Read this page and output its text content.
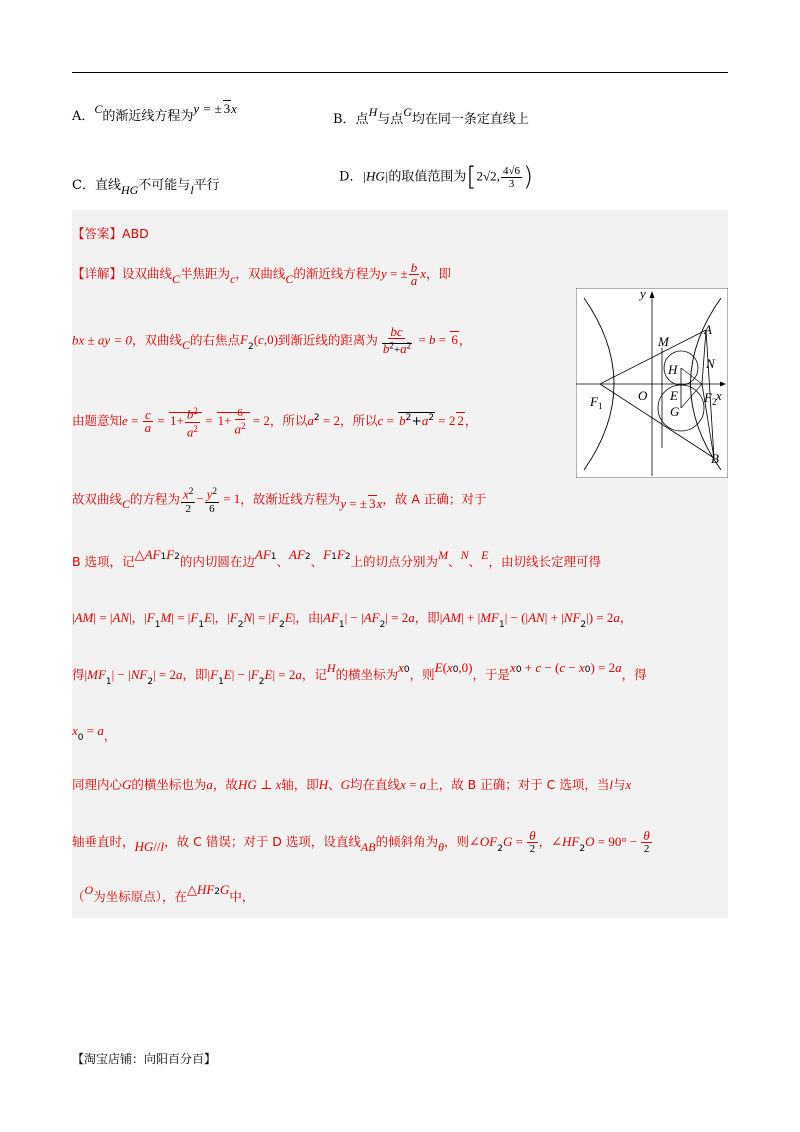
A．C的渐近线方程为y = ± 3x
B．点H与点G均在同一条定直线上
C．直线HG不可能与l平行
D．|HG|的取值范围为[2√2, $\frac{4√6}{3}$ )
【答案】ABD
【详解】设双曲线C半焦距为c，双曲线C的渐近线方程为y = ± $\frac{b}{a}$ x，即
bx ± ay = 0，双曲线C的右焦点$F_2(c,0)$到渐近线的距离为 $\frac{bc}{b^2+a^2} = b = 6$，
由题意知$e = \frac{c}{a} = 1+ \frac{b^2}{a^2} = 1+ \frac{6}{a^2} = 2$，所以$a^2 = 2$，所以$c = b^2+a^2 = 2$ 2，
故双曲线C的方程为 $\frac{x^2}{2} - \frac{y^2}{6} = 1$，故渐近线方程为y = ± 3x，故 A 正确；对于
B 选项，记△AF1F2的内切圆在边AF1、AF2、F1F2上的切点分别为M、N、E，由切线长定理可得
|AM| = |AN|，$|F_1M| = |F_1E|$，$|F_2N| = |F_2E|$，由$|AF_1| - |AF_2| = 2a$，即$|AM| + |MF_1| - (|AN| + |NF_2|) = 2a$，
得$|MF_1| - |NF_2| = 2a$，即$|F_1E| - |F_2E| = 2a$，记H的横坐标为x0，则E(x0,0)，于是x0 + c − (c − x0) = 2a，得
$x_0 = a$，
同理内心G的横坐标也为a，故HG ⊥ x轴，即H、G均在直线x = a上，故 B 正确；对于 C 选项，当l与x
轴垂直时，HG//l，故 C 错误；对于 D 选项，设直线AB的倾斜角为θ，则$\angle OF_2G = \frac{\theta}{2}$ ，$\angle HF_2O = 90^\circ - \frac{\theta}{2}$
（O为坐标原点），在△HF2G中，
y
x
O
$F_1$
$F_2$
A
B
M
N
H
E
G
【淘宝店铺：向阳百分百】
